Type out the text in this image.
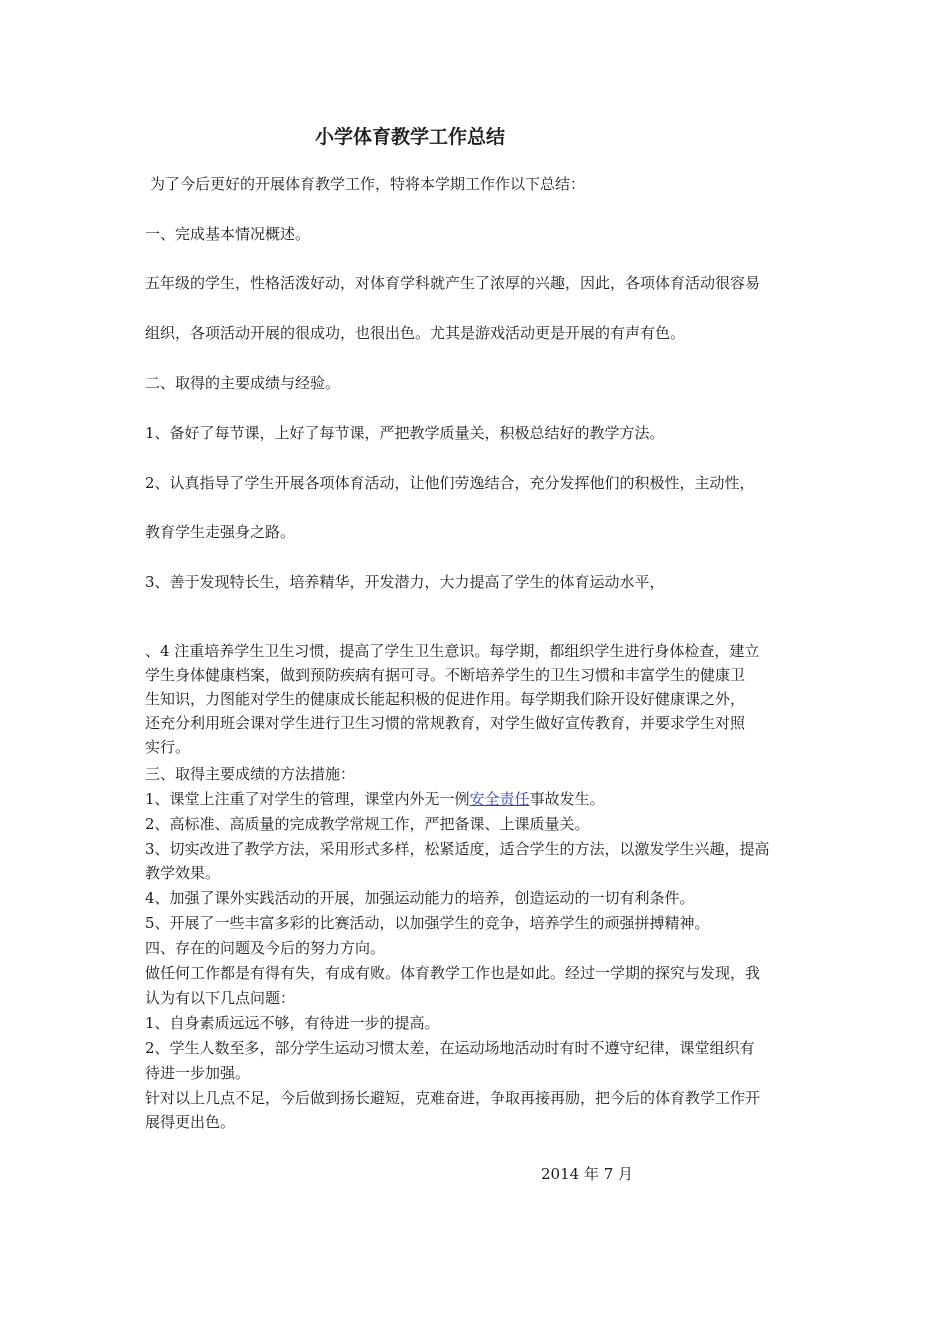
小学体育教学工作总结
为了今后更好的开展体育教学工作，特将本学期工作作以下总结：
一、完成基本情况概述。
五年级的学生，性格活泼好动，对体育学科就产生了浓厚的兴趣，因此，各项体育活动很容易
组织，各项活动开展的很成功，也很出色。尤其是游戏活动更是开展的有声有色。
二、取得的主要成绩与经验。
1、备好了每节课，上好了每节课，严把教学质量关，积极总结好的教学方法。
2、认真指导了学生开展各项体育活动，让他们劳逸结合，充分发挥他们的积极性，主动性，
教育学生走强身之路。
3、善于发现特长生，培养精华，开发潜力，大力提高了学生的体育运动水平，
、4 注重培养学生卫生习惯，提高了学生卫生意识。每学期，都组织学生进行身体检查，建立
学生身体健康档案，做到预防疾病有据可寻。不断培养学生的卫生习惯和丰富学生的健康卫
生知识，力图能对学生的健康成长能起积极的促进作用。每学期我们除开设好健康课之外，
还充分利用班会课对学生进行卫生习惯的常规教育，对学生做好宣传教育，并要求学生对照
实行。
三、取得主要成绩的方法措施：
1、课堂上注重了对学生的管理，课堂内外无一例安全责任事故发生。
2、高标准、高质量的完成教学常规工作，严把备课、上课质量关。
3、切实改进了教学方法，采用形式多样，松紧适度，适合学生的方法，以激发学生兴趣，提高
教学效果。
4、加强了课外实践活动的开展，加强运动能力的培养，创造运动的一切有利条件。
5、开展了一些丰富多彩的比赛活动，以加强学生的竞争，培养学生的顽强拼搏精神。
四、存在的问题及今后的努力方向。
做任何工作都是有得有失，有成有败。体育教学工作也是如此。经过一学期的探究与发现，我
认为有以下几点问题：
1、自身素质远远不够，有待进一步的提高。
2、学生人数至多，部分学生运动习惯太差，在运动场地活动时有时不遵守纪律，课堂组织有
待进一步加强。
针对以上几点不足，今后做到扬长避短，克难奋进，争取再接再励，把今后的体育教学工作开
展得更出色。
2014 年 7 月
